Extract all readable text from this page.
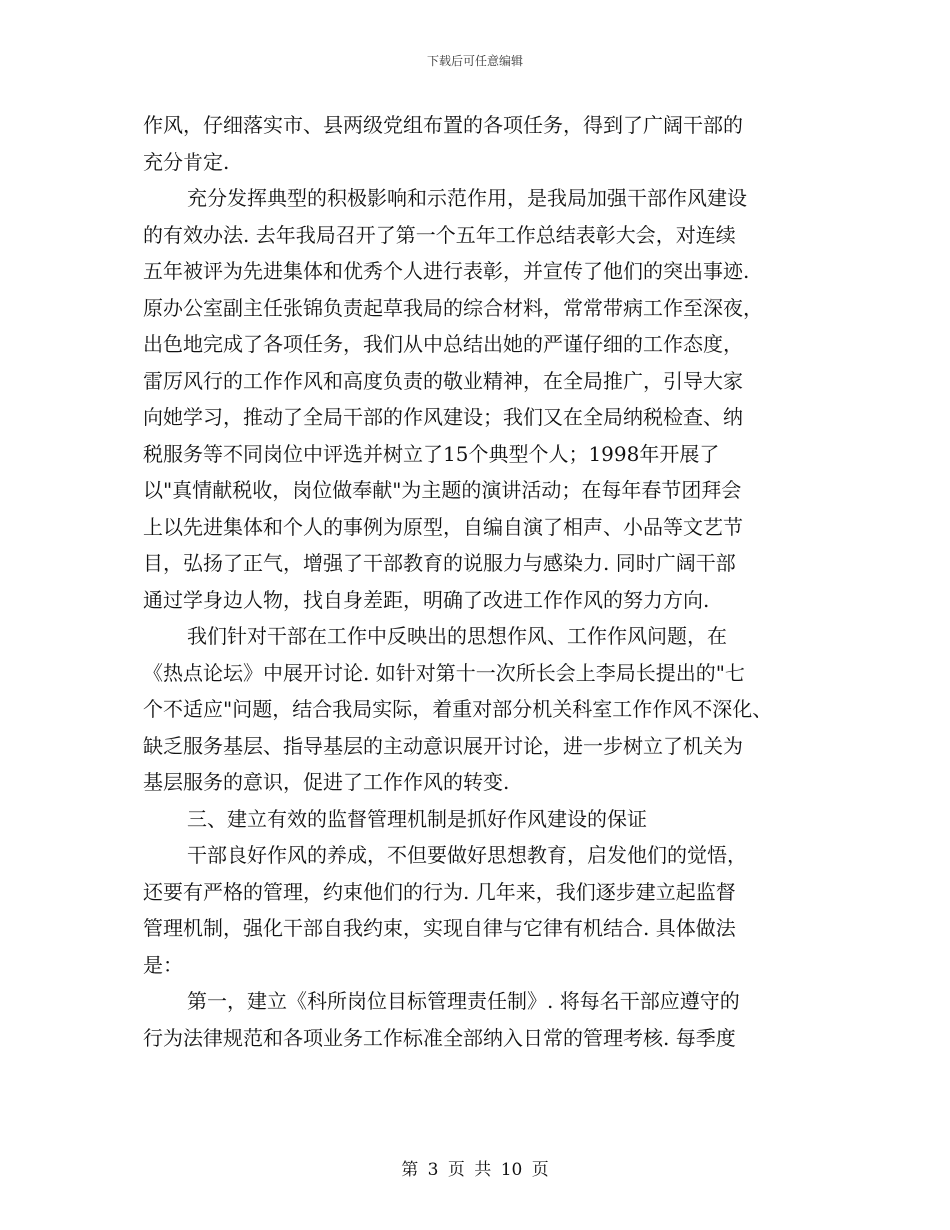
下载后可任意编辑
作风，仔细落实市、县两级党组布置的各项任务，得到了广阔干部的
充分肯定.
充分发挥典型的积极影响和示范作用，是我局加强干部作风建设
的有效办法. 去年我局召开了第一个五年工作总结表彰大会，对连续
五年被评为先进集体和优秀个人进行表彰，并宣传了他们的突出事迹.
原办公室副主任张锦负责起草我局的综合材料，常常带病工作至深夜，
出色地完成了各项任务，我们从中总结出她的严谨仔细的工作态度，
雷厉风行的工作作风和高度负责的敬业精神，在全局推广，引导大家
向她学习，推动了全局干部的作风建设；我们又在全局纳税检查、纳
税服务等不同岗位中评选并树立了15个典型个人；1998年开展了
以"真情献税收，岗位做奉献"为主题的演讲活动；在每年春节团拜会
上以先进集体和个人的事例为原型，自编自演了相声、小品等文艺节
目，弘扬了正气，增强了干部教育的说服力与感染力. 同时广阔干部
通过学身边人物，找自身差距，明确了改进工作作风的努力方向.
我们针对干部在工作中反映出的思想作风、工作作风问题，在
《热点论坛》中展开讨论. 如针对第十一次所长会上李局长提出的"七
个不适应"问题，结合我局实际，着重对部分机关科室工作作风不深化、
缺乏服务基层、指导基层的主动意识展开讨论，进一步树立了机关为
基层服务的意识，促进了工作作风的转变.
三、建立有效的监督管理机制是抓好作风建设的保证
干部良好作风的养成，不但要做好思想教育，启发他们的觉悟，
还要有严格的管理，约束他们的行为. 几年来，我们逐步建立起监督
管理机制，强化干部自我约束，实现自律与它律有机结合. 具体做法
是：
第一，建立《科所岗位目标管理责任制》. 将每名干部应遵守的
行为法律规范和各项业务工作标准全部纳入日常的管理考核. 每季度
第 3 页 共 10 页
